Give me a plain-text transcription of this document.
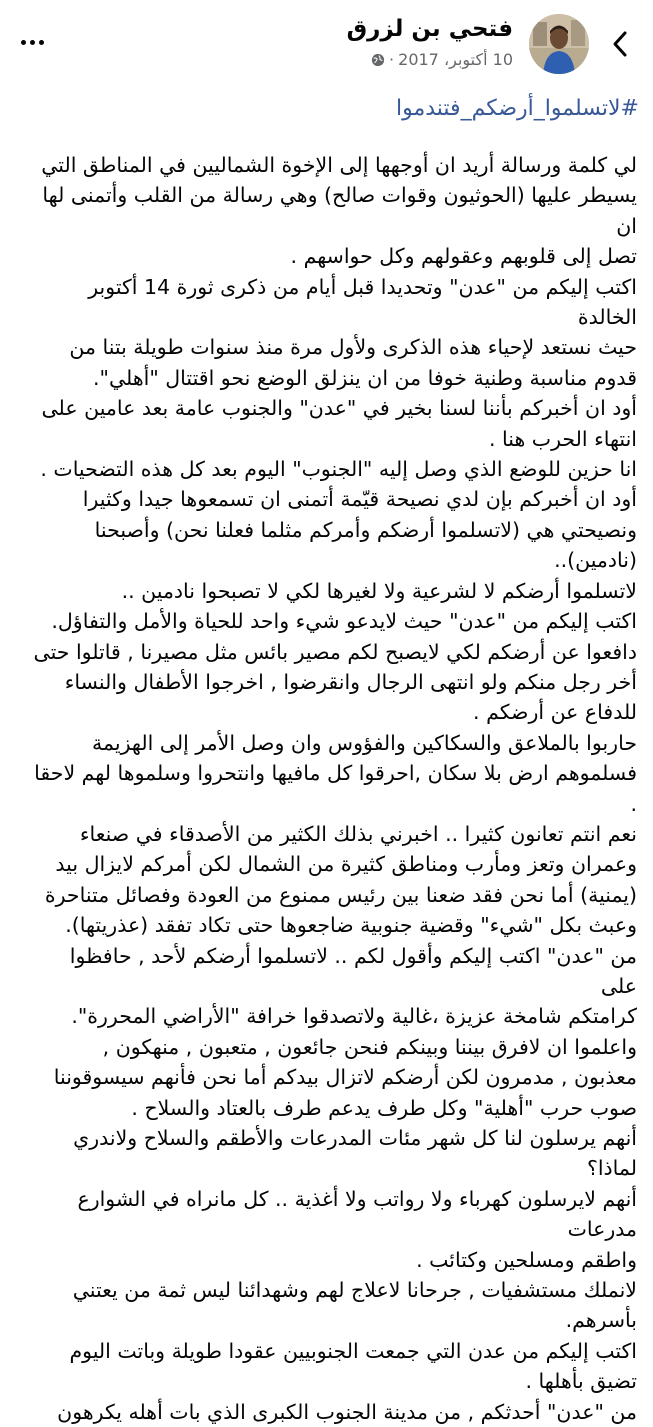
فتحي بن لزرق
10 أكتوبر، 2017
·
#لاتسلموا_أرضكم_فتندموا

لي كلمة ورسالة أريد ان أوجهها إلى الإخوة الشماليين في المناطق التي

يسيطر عليها (الحوثيون وقوات صالح) وهي رسالة من القلب وأتمنى لها ان

تصل إلى قلوبهم وعقولهم وكل حواسهم .

اكتب إليكم من "عدن" وتحديدا قبل أيام من ذكرى ثورة 14 أكتوبر الخالدة

حيث نستعد لإحياء هذه الذكرى ولأول مرة منذ سنوات طويلة بتنا من

قدوم مناسبة وطنية خوفا من ان ينزلق الوضع نحو اقتتال "أهلي".

أود ان أخبركم بأننا لسنا بخير في "عدن" والجنوب عامة بعد عامين على

انتهاء الحرب هنا .

انا حزين للوضع الذي وصل إليه "الجنوب" اليوم بعد كل هذه التضحيات .

أود ان أخبركم بإن لدي نصيحة قيّمة أتمنى ان تسمعوها جيدا وكثيرا

ونصيحتي هي (لاتسلموا أرضكم وأمركم مثلما فعلنا نحن) وأصبحنا

(نادمين)..

لاتسلموا أرضكم لا لشرعية ولا لغيرها لكي لا تصبحوا نادمين ..

اكتب إليكم من "عدن" حيث لايدعو شيء واحد للحياة والأمل والتفاؤل.

دافعوا عن أرضكم لكي لايصبح لكم مصير بائس مثل مصيرنا , قاتلوا حتى

أخر رجل منكم ولو انتهى الرجال وانقرضوا , اخرجوا الأطفال والنساء

للدفاع عن أرضكم .

حاربوا بالملاعق والسكاكين والفؤوس وان وصل الأمر إلى الهزيمة

فسلموهم ارض بلا سكان ,احرقوا كل مافيها وانتحروا وسلموها لهم لاحقا .

نعم انتم تعانون كثيرا .. اخبرني بذلك الكثير من الأصدقاء في صنعاء

وعمران وتعز ومأرب ومناطق كثيرة من الشمال لكن أمركم لايزال بيد

(يمنية) أما نحن فقد ضعنا بين رئيس ممنوع من العودة وفصائل متناحرة

وعبث بكل "شيء" وقضية جنوبية ضاجعوها حتى تكاد تفقد (عذريتها).

من "عدن" اكتب إليكم وأقول لكم .. لاتسلموا أرضكم لأحد , حافظوا على

كرامتكم شامخة عزيزة ،غالية ولاتصدقوا خرافة "الأراضي المحررة".

واعلموا ان لافرق بيننا وبينكم فنحن جائعون , متعبون , منهكون ,

معذبون , مدمرون لكن أرضكم لاتزال بيدكم أما نحن فأنهم سيسوقوننا

صوب حرب "أهلية" وكل طرف يدعم طرف بالعتاد والسلاح .

أنهم يرسلون لنا كل شهر مئات المدرعات والأطقم والسلاح ولاندري لماذا؟

أنهم لايرسلون كهرباء ولا رواتب ولا أغذية .. كل مانراه في الشوارع مدرعات

واطقم ومسلحين وكتائب .

لانملك مستشفيات , جرحانا لاعلاج لهم وشهدائنا ليس ثمة من يعتني

بأسرهم.

اكتب إليكم من عدن التي جمعت الجنوبيين عقودا طويلة وباتت اليوم

تضيق بأهلها .

من "عدن" أحدثكم , من مدينة الجنوب الكبرى الذي بات أهله يكرهون
